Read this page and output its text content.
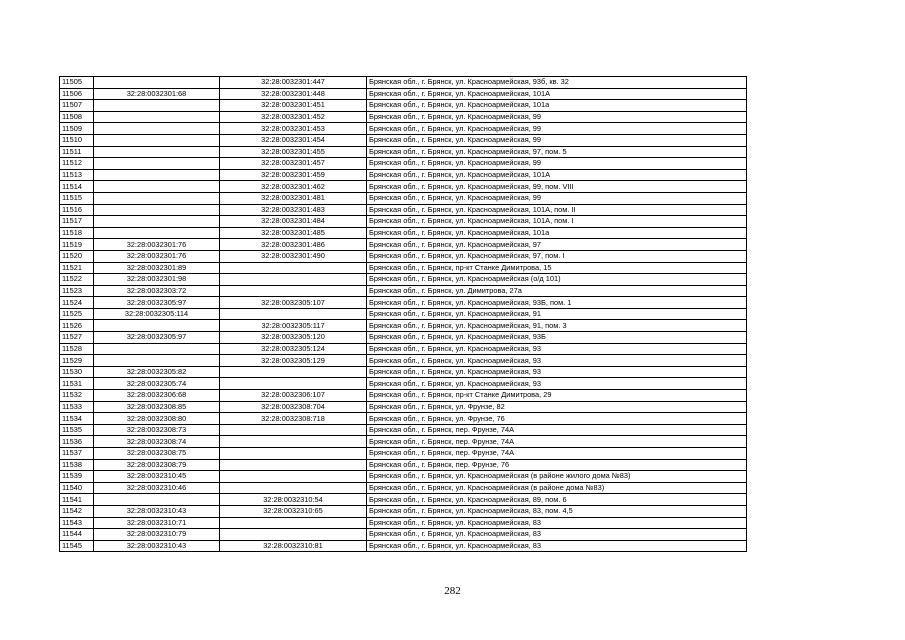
11505		32:28:0032301:447	Брянская обл., г. Брянск, ул. Красноармейская, 93б, кв. 32
11506	32:28:0032301:68	32:28:0032301:448	Брянская обл., г. Брянск, ул. Красноармейская, 101А
11507		32:28:0032301:451	Брянская обл., г. Брянск, ул. Красноармейская, 101а
11508		32:28:0032301:452	Брянская обл., г. Брянск, ул. Красноармейская, 99
11509		32:28:0032301:453	Брянская обл., г. Брянск, ул. Красноармейская, 99
11510		32:28:0032301:454	Брянская обл., г. Брянск, ул. Красноармейская, 99
11511		32:28:0032301:455	Брянская обл., г. Брянск, ул. Красноармейская, 97, пом. 5
11512		32:28:0032301:457	Брянская обл., г. Брянск, ул. Красноармейская, 99
11513		32:28:0032301:459	Брянская обл., г. Брянск, ул. Красноармейская, 101А
11514		32:28:0032301:462	Брянская обл., г. Брянск, ул. Красноармейская, 99, пом. VIII
11515		32:28:0032301:481	Брянская обл., г. Брянск, ул. Красноармейская, 99
11516		32:28:0032301:483	Брянская обл., г. Брянск, ул. Красноармейская, 101А, пом. II
11517		32:28:0032301:484	Брянская обл., г. Брянск, ул. Красноармейская, 101А, пом. I
11518		32:28:0032301:485	Брянская обл., г. Брянск, ул. Красноармейская, 101а
11519	32:28:0032301:76	32:28:0032301:486	Брянская обл., г. Брянск, ул. Красноармейская, 97
11520	32:28:0032301:76	32:28:0032301:490	Брянская обл., г. Брянск, ул. Красноармейская, 97, пом. I
11521	32:28:0032301:89		Брянская обл., г. Брянск, пр-кт Станке Димитрова, 15
11522	32:28:0032301:98		Брянская обл., г. Брянск, ул. Красноармейская (о/д 101)
11523	32:28:0032303:72		Брянская обл., г. Брянск, ул. Димитрова, 27а
11524	32:28:0032305:97	32:28:0032305:107	Брянская обл., г. Брянск, ул. Красноармейская, 93Б, пом. 1
11525	32:28:0032305:114		Брянская обл., г. Брянск, ул. Красноармейская, 91
11526		32:28:0032305:117	Брянская обл., г. Брянск, ул. Красноармейская, 91, пом. 3
11527	32:28:0032305:97	32:28:0032305:120	Брянская обл., г. Брянск, ул. Красноармейская, 93Б
11528		32:28:0032305:124	Брянская обл., г. Брянск, ул. Красноармейская, 93
11529		32:28:0032305:129	Брянская обл., г. Брянск, ул. Красноармейская, 93
11530	32:28:0032305:82		Брянская обл., г. Брянск, ул. Красноармейская, 93
11531	32:28:0032305:74		Брянская обл., г. Брянск, ул. Красноармейская, 93
11532	32:28:0032306:68	32:28:0032306:107	Брянская обл., г. Брянск, пр-кт Станке Димитрова, 29
11533	32:28:0032308:85	32:28:0032308:704	Брянская обл., г. Брянск, ул. Фрунзе, 82
11534	32:28:0032308:80	32:28:0032308:718	Брянская обл., г. Брянск, ул. Фрунзе, 76
11535	32:28:0032308:73		Брянская обл., г. Брянск, пер. Фрунзе, 74А
11536	32:28:0032308:74		Брянская обл., г. Брянск, пер. Фрунзе, 74А
11537	32:28:0032308:75		Брянская обл., г. Брянск, пер. Фрунзе, 74А
11538	32:28:0032308:79		Брянская обл., г. Брянск, пер. Фрунзе, 76
11539	32:28:0032310:45		Брянская обл., г. Брянск, ул. Красноармейская (в районе жилого дома №83)
11540	32:28:0032310:46		Брянская обл., г. Брянск, ул. Красноармейская (в районе дома №83)
11541		32:28:0032310:54	Брянская обл., г. Брянск, ул. Красноармейская, 89, пом. 6
11542	32:28:0032310:43	32:28:0032310:65	Брянская обл., г. Брянск, ул. Красноармейская, 83, пом. 4,5
11543	32:28:0032310:71		Брянская обл., г. Брянск, ул. Красноармейская, 83
11544	32:28:0032310:79		Брянская обл., г. Брянск, ул. Красноармейская, 83
11545	32:28:0032310:43	32:28:0032310:81	Брянская обл., г. Брянск, ул. Красноармейская, 83
282
